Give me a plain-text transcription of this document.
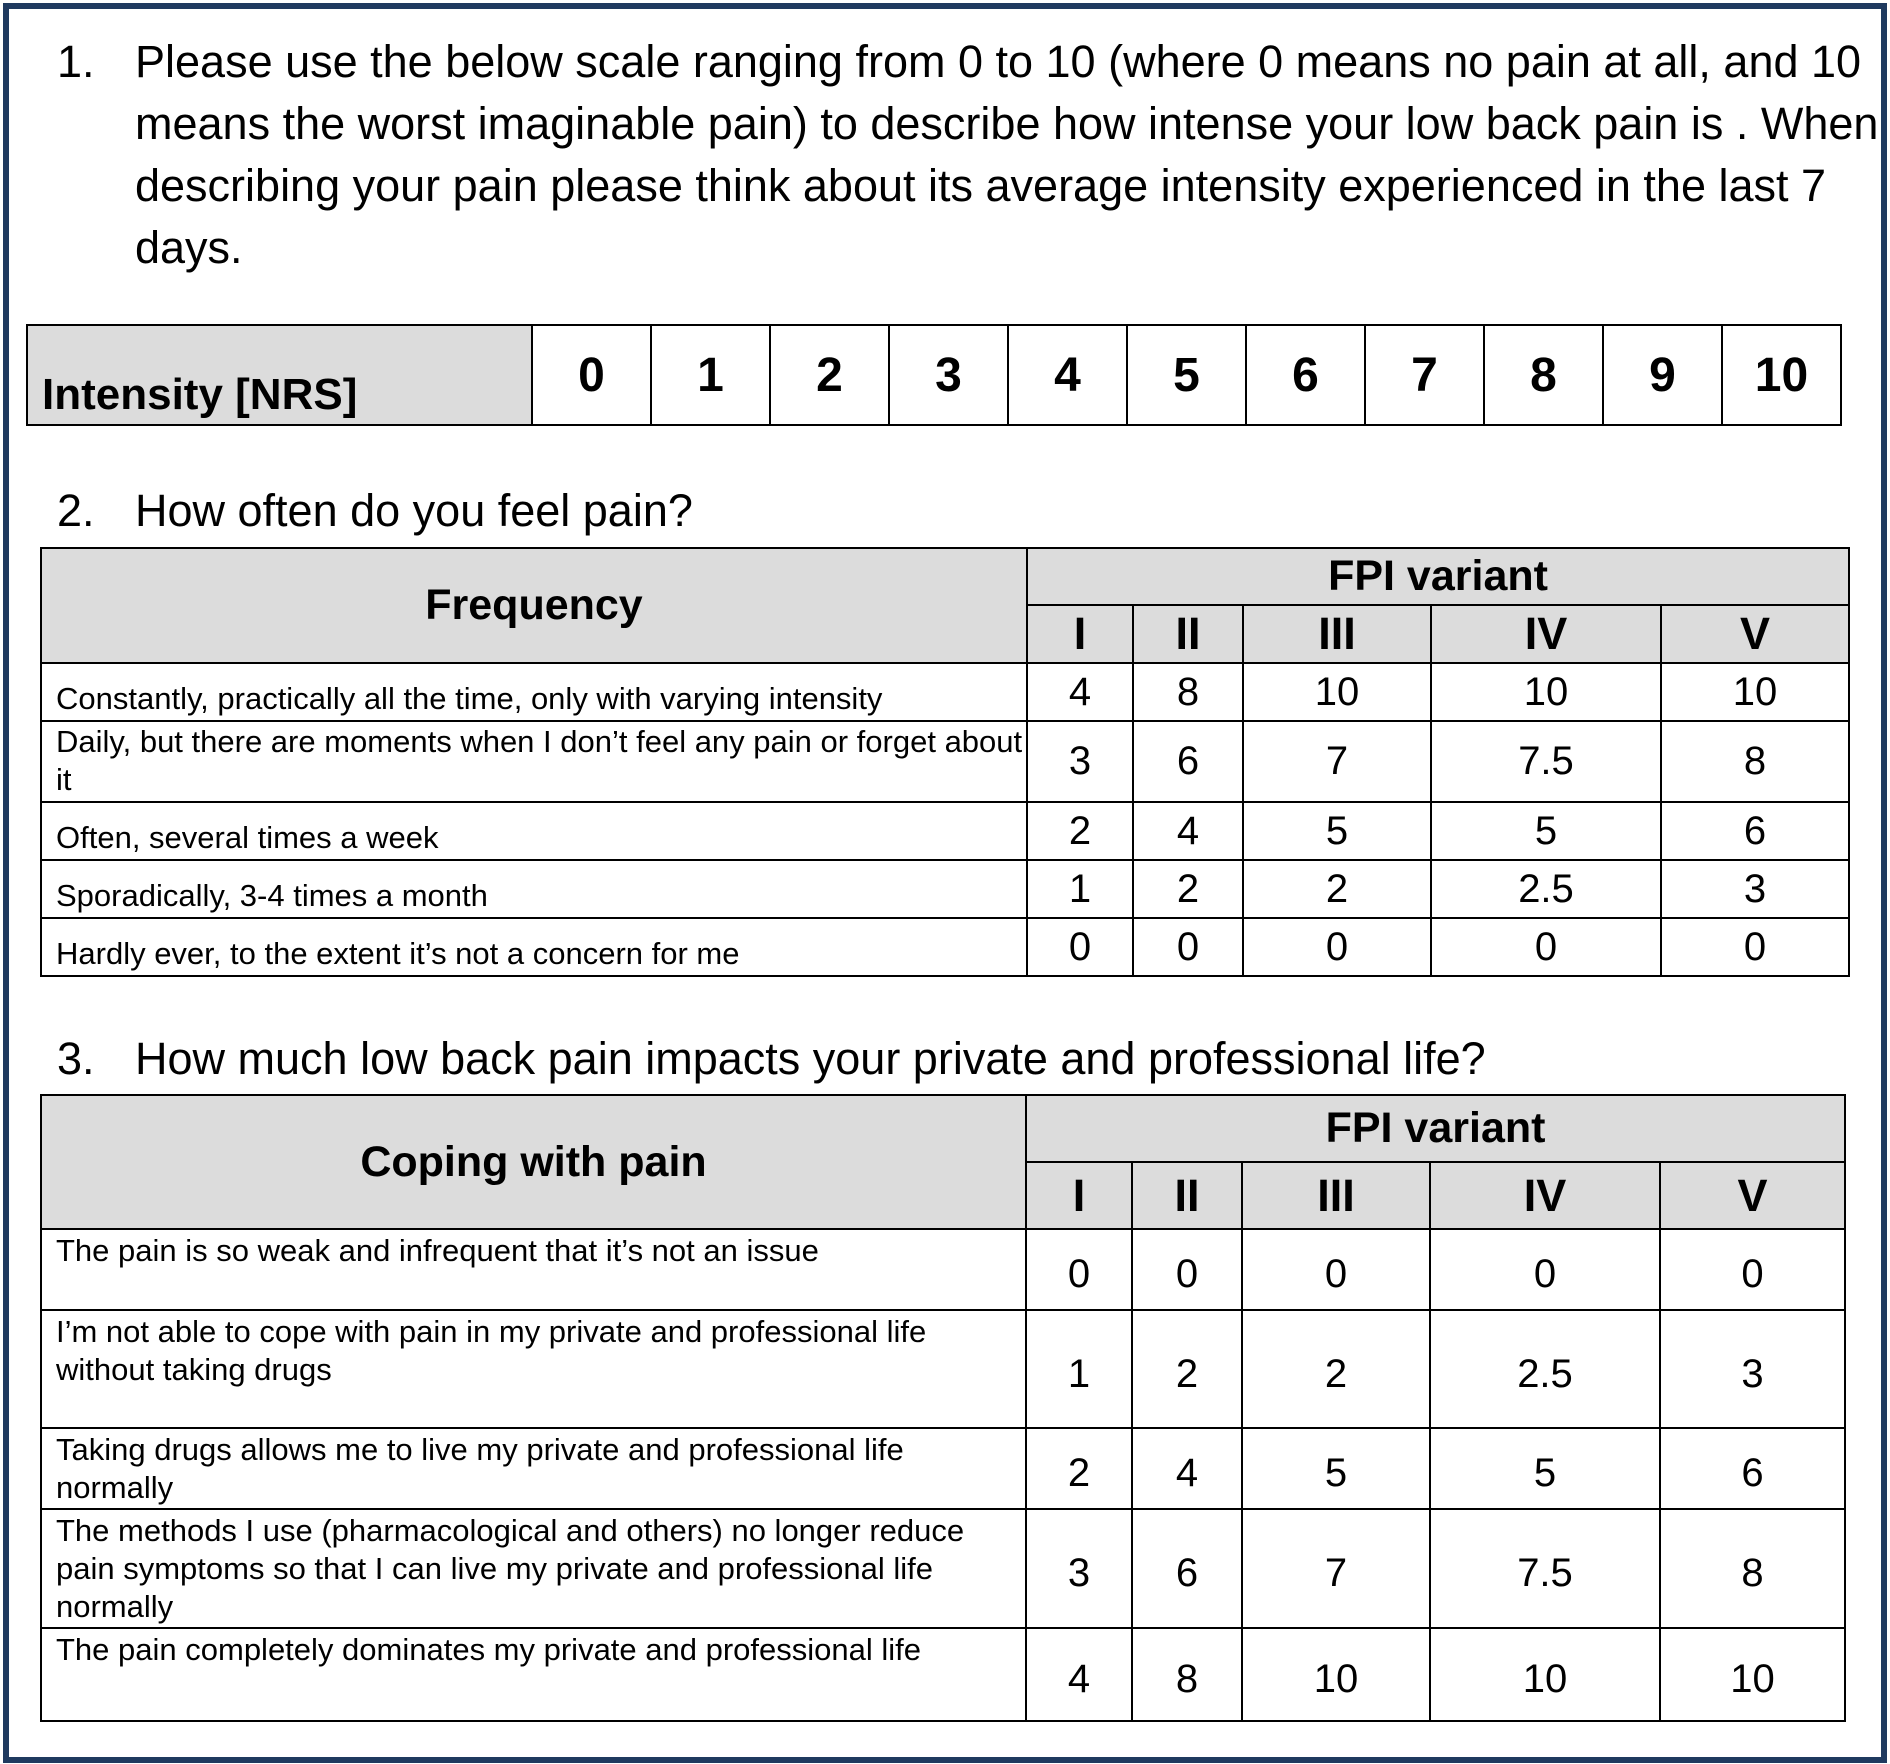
1. Please use the below scale ranging from 0 to 10 (where 0 means no pain at all, and 10 means the worst imaginable pain) to describe how intense your low back pain is . When describing your pain please think about its average intensity experienced in the last 7 days.
Intensity [NRS]	0	1	2	3	4	5	6	7	8	9	10
2. How often do you feel pain?
Frequency	FPI variant				
	I	II	III	IV	V
Constantly, practically all the time, only with varying intensity	4	8	10	10	10
Daily, but there are moments when I don’t feel any pain or forget about it	3	6	7	7.5	8
Often, several times a week	2	4	5	5	6
Sporadically, 3-4 times a month	1	2	2	2.5	3
Hardly ever, to the extent it’s not a concern for me	0	0	0	0	0
3. How much low back pain impacts your private and professional life?
Coping with pain	FPI variant				
	I	II	III	IV	V
The pain is so weak and infrequent that it’s not an issue	0	0	0	0	0
I’m not able to cope with pain in my private and professional life without taking drugs	1	2	2	2.5	3
Taking drugs allows me to live my private and professional life normally	2	4	5	5	6
The methods I use (pharmacological and others) no longer reduce pain symptoms so that I can live my private and professional life normally	3	6	7	7.5	8
The pain completely dominates my private and professional life	4	8	10	10	10
